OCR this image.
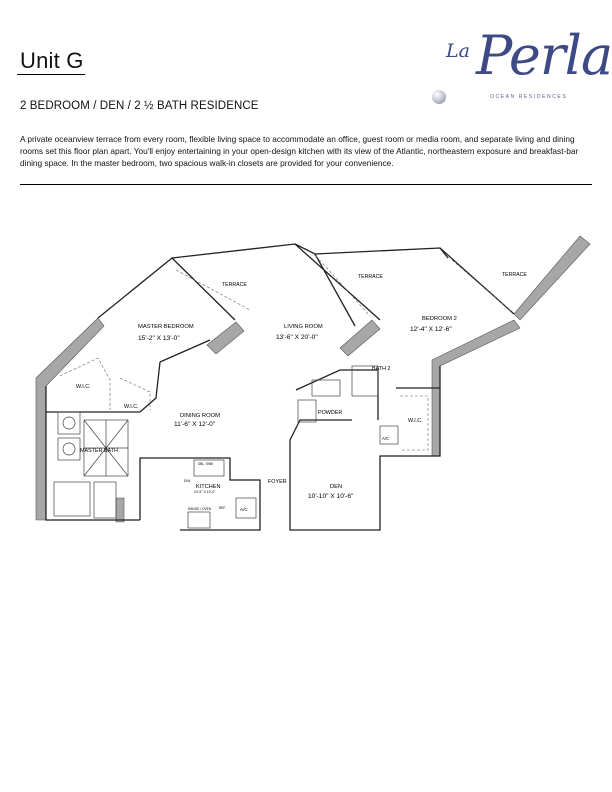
Unit G	La Perla
OCEAN RESIDENCES
2 BEDROOM / DEN / 2 ½ BATH RESIDENCE
A private oceanview terrace from every room, flexible living space to accommodate an office, guest room or media room, and separate living and dining rooms set this floor plan apart. You'll enjoy entertaining in your open-design kitchen with its view of the Atlantic, northeastern exposure and breakfast-bar dining space. In the master bedroom, two spacious walk-in closets are provided for your convenience.
TERRACE
TERRACE	TERRACE
MASTER BEDROOM
15'-2" X 13'-0"
LIVING ROOM
13'-6" X 20'-0"
BEDROOM 2
12'-4" X 12'-6"
DINING ROOM
11'-6" X 12'-0"
DEN
10'-10" X 10'-6"
KITCHEN
10'-6" X 10'-0"
W.I.C.
W.I.C.
W.I.C.
MASTER BATH
BATH 2
POWDER
FOYER
A/C
A/C
REF.
D/W
DBL. SINK
RANGE / OVEN
